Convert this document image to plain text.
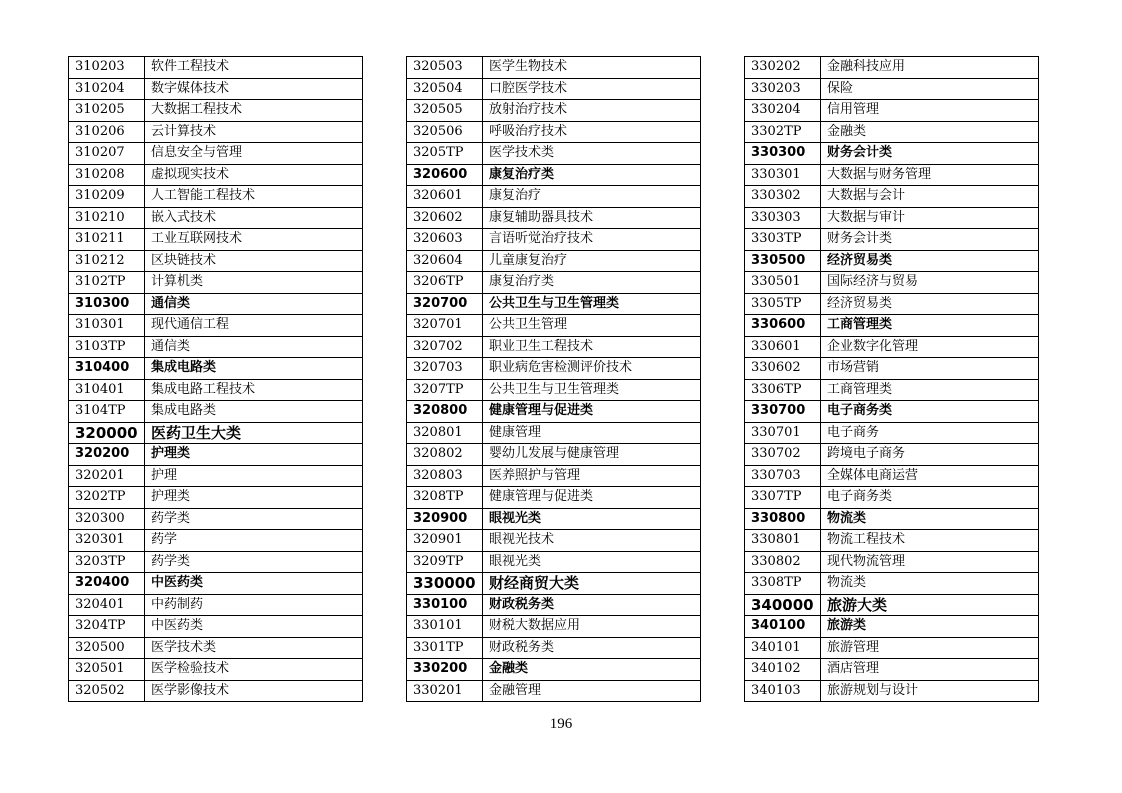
310203	软件工程技术
310204	数字媒体技术
310205	大数据工程技术
310206	云计算技术
310207	信息安全与管理
310208	虚拟现实技术
310209	人工智能工程技术
310210	嵌入式技术
310211	工业互联网技术
310212	区块链技术
3102TP	计算机类
310300	通信类
310301	现代通信工程
3103TP	通信类
310400	集成电路类
310401	集成电路工程技术
3104TP	集成电路类
320000	医药卫生大类
320200	护理类
320201	护理
3202TP	护理类
320300	药学类
320301	药学
3203TP	药学类
320400	中医药类
320401	中药制药
3204TP	中医药类
320500	医学技术类
320501	医学检验技术
320502	医学影像技术
320503	医学生物技术
320504	口腔医学技术
320505	放射治疗技术
320506	呼吸治疗技术
3205TP	医学技术类
320600	康复治疗类
320601	康复治疗
320602	康复辅助器具技术
320603	言语听觉治疗技术
320604	儿童康复治疗
3206TP	康复治疗类
320700	公共卫生与卫生管理类
320701	公共卫生管理
320702	职业卫生工程技术
320703	职业病危害检测评价技术
3207TP	公共卫生与卫生管理类
320800	健康管理与促进类
320801	健康管理
320802	婴幼儿发展与健康管理
320803	医养照护与管理
3208TP	健康管理与促进类
320900	眼视光类
320901	眼视光技术
3209TP	眼视光类
330000	财经商贸大类
330100	财政税务类
330101	财税大数据应用
3301TP	财政税务类
330200	金融类
330201	金融管理
330202	金融科技应用
330203	保险
330204	信用管理
3302TP	金融类
330300	财务会计类
330301	大数据与财务管理
330302	大数据与会计
330303	大数据与审计
3303TP	财务会计类
330500	经济贸易类
330501	国际经济与贸易
3305TP	经济贸易类
330600	工商管理类
330601	企业数字化管理
330602	市场营销
3306TP	工商管理类
330700	电子商务类
330701	电子商务
330702	跨境电子商务
330703	全媒体电商运营
3307TP	电子商务类
330800	物流类
330801	物流工程技术
330802	现代物流管理
3308TP	物流类
340000	旅游大类
340100	旅游类
340101	旅游管理
340102	酒店管理
340103	旅游规划与设计
196
